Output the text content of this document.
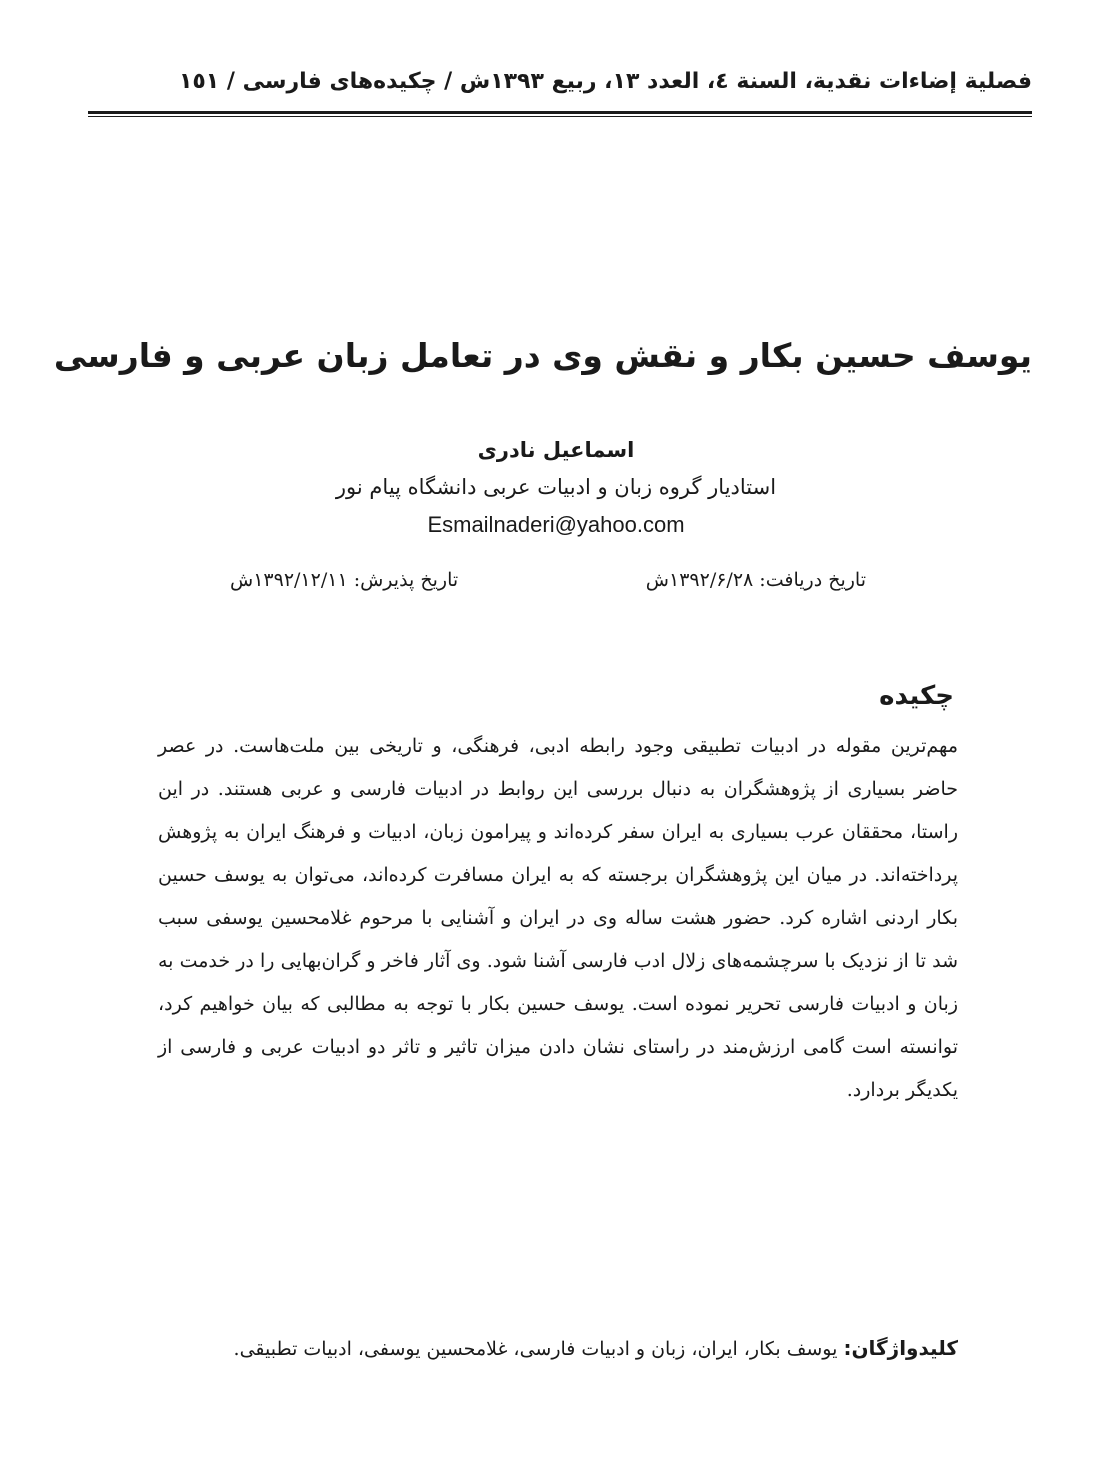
فصلية إضاءات نقدية، السنة ٤، العدد ١٣، ربيع ١٣٩٣ش / چكيده‌هاى فارسى / ١٥١
یوسف حسین بکار و نقش وی در تعامل زبان عربی و فارسی
اسماعیل نادری
استادیار گروه زبان و ادبیات عربی دانشگاه پیام نور
Esmailnaderi@yahoo.com
تاریخ دریافت: ۱۳۹۲/۶/۲۸ش
تاریخ پذیرش: ۱۳۹۲/۱۲/۱۱ش
چکیده

مهم‌ترین مقوله در ادبیات تطبیقی وجود رابطه ادبی، فرهنگی، و تاریخی بین ملت‌هاست. در عصر حاضر بسیاری از پژوهشگران به دنبال بررسی این روابط در ادبیات فارسی و عربی هستند. در این راستا، محققان عرب بسیاری به ایران سفر کرده‌اند و پیرامون زبان، ادبیات و فرهنگ ایران به پژوهش پرداخته‌اند. در میان این پژوهشگران برجسته که به ایران مسافرت کرده‌اند، می‌توان به یوسف حسین بکار اردنی اشاره کرد. حضور هشت ساله وی در ایران و آشنایی با مرحوم غلامحسین یوسفی سبب شد تا از نزدیک با سرچشمه‌های زلال ادب فارسی آشنا شود. وی آثار فاخر و گران‌بهایی را در خدمت به زبان و ادبیات فارسی تحریر نموده است. یوسف حسین بکار با توجه به مطالبی که بیان خواهیم کرد، توانسته است گامی ارزش‌مند در راستای نشان دادن میزان تاثیر و تاثر دو ادبیات عربی و فارسی از یکدیگر بردارد.

کلیدواژگان: یوسف بکار، ایران، زبان و ادبیات فارسی، غلامحسین یوسفی، ادبیات تطبیقی.
